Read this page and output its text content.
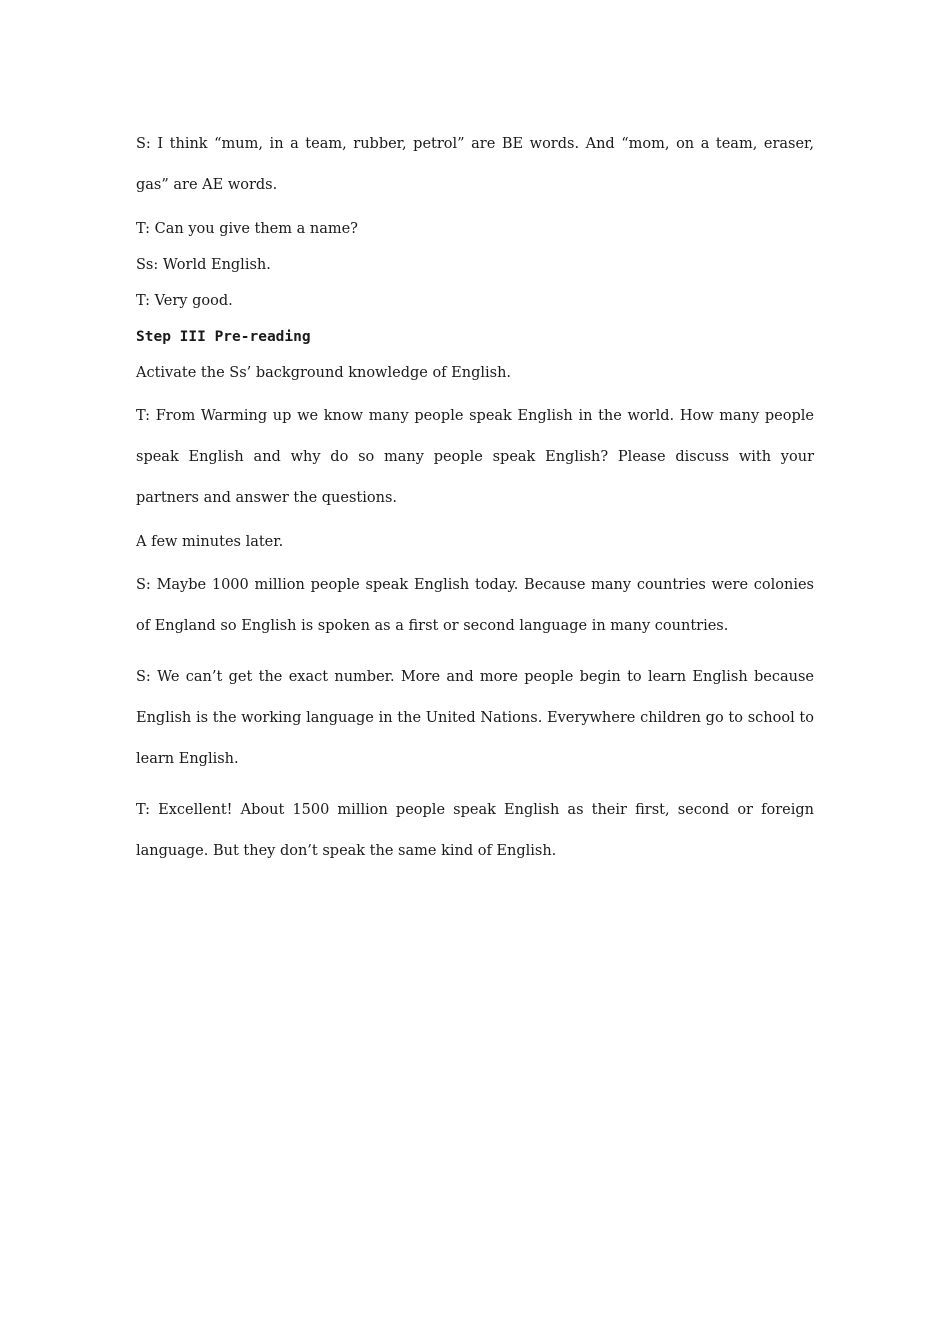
S: I think “mum, in a team, rubber, petrol” are BE words. And “mom, on a team, eraser, gas” are AE words.

T: Can you give them a name?

Ss: World English.

T: Very good.

Step III Pre-reading

Activate the Ss’ background knowledge of English.

T: From Warming up we know many people speak English in the world. How many people speak English and why do so many people speak English? Please discuss with your partners and answer the questions.

A few minutes later.

S: Maybe 1000 million people speak English today. Because many countries were colonies of England so English is spoken as a first or second language in many countries.

S: We can’t get the exact number. More and more people begin to learn English because English is the working language in the United Nations. Everywhere children go to school to learn English.

T: Excellent! About 1500 million people speak English as their first, second or foreign language. But they don’t speak the same kind of English.
